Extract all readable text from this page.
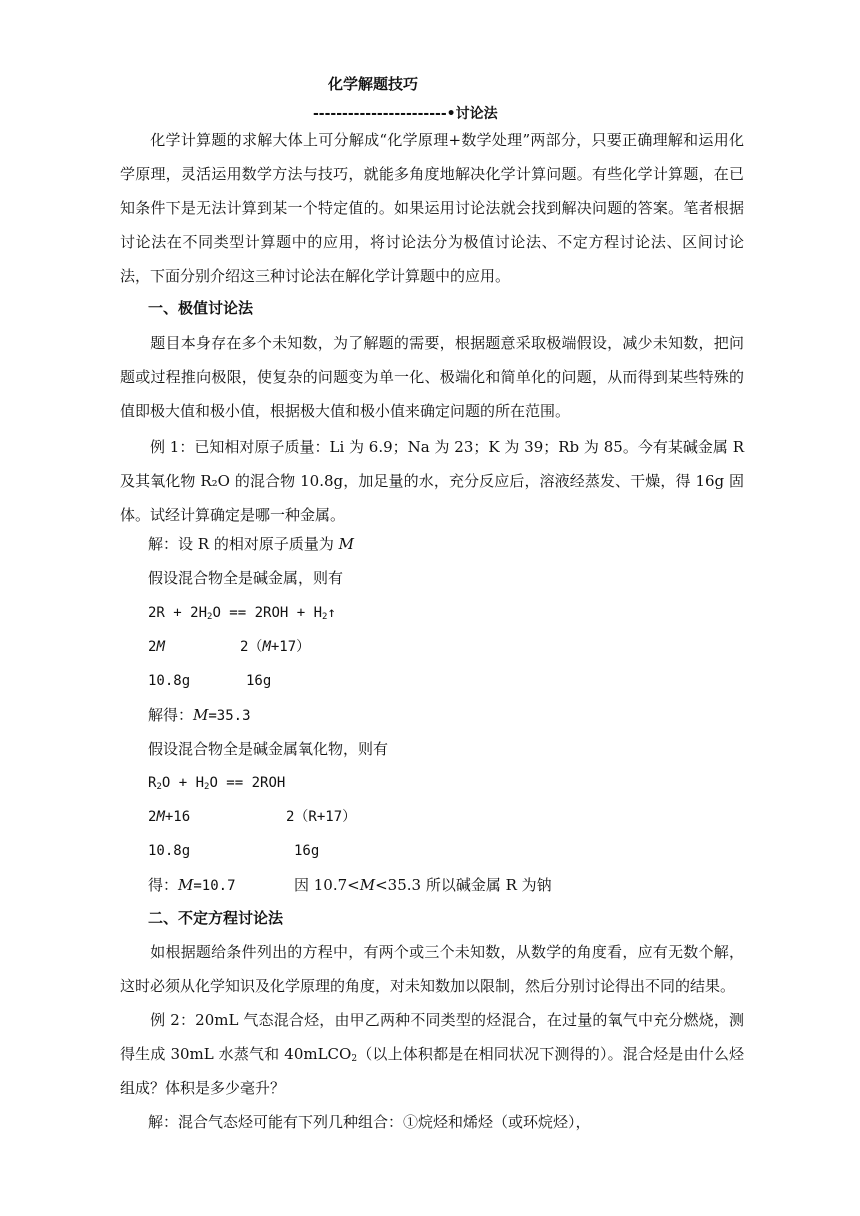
化学解题技巧
-----------------------•讨论法
化学计算题的求解大体上可分解成“化学原理+数学处理”两部分，只要正确理解和运用化学原理，灵活运用数学方法与技巧，就能多角度地解决化学计算问题。有些化学计算题，在已知条件下是无法计算到某一个特定值的。如果运用讨论法就会找到解决问题的答案。笔者根据讨论法在不同类型计算题中的应用，将讨论法分为极值讨论法、不定方程讨论法、区间讨论法，下面分别介绍这三种讨论法在解化学计算题中的应用。
一、极值讨论法
题目本身存在多个未知数，为了解题的需要，根据题意采取极端假设，减少未知数，把问题或过程推向极限，使复杂的问题变为单一化、极端化和简单化的问题，从而得到某些特殊的值即极大值和极小值，根据极大值和极小值来确定问题的所在范围。
例 1：已知相对原子质量：Li 为 6.9；Na 为 23；K 为 39；Rb 为 85。今有某碱金属 R 及其氧化物 R₂O 的混合物 10.8g，加足量的水，充分反应后，溶液经蒸发、干燥，得 16g 固体。试经计算确定是哪一种金属。
解：设 R 的相对原子质量为 M
假设混合物全是碱金属，则有
$2R + 2H_2O == 2ROH$ + $H_2↑$
2M	2（M+17）
10.8g	16g
解得：M=35.3
假设混合物全是碱金属氧化物，则有
$R_2O + H_2O == 2ROH$
2M+16	2（R+17）
10.8g	16g
得：M=10.7	因 10.7<M<35.3 所以碱金属 R 为钠
二、不定方程讨论法
如根据题给条件列出的方程中，有两个或三个未知数，从数学的角度看，应有无数个解，这时必须从化学知识及化学原理的角度，对未知数加以限制，然后分别讨论得出不同的结果。
例 2：20mL 气态混合烃，由甲乙两种不同类型的烃混合，在过量的氧气中充分燃烧，测得生成 30mL 水蒸气和 40mLCO$_2$（以上体积都是在相同状况下测得的）。混合烃是由什么烃组成？体积是多少毫升？
解：混合气态烃可能有下列几种组合：①烷烃和烯烃（或环烷烃），
